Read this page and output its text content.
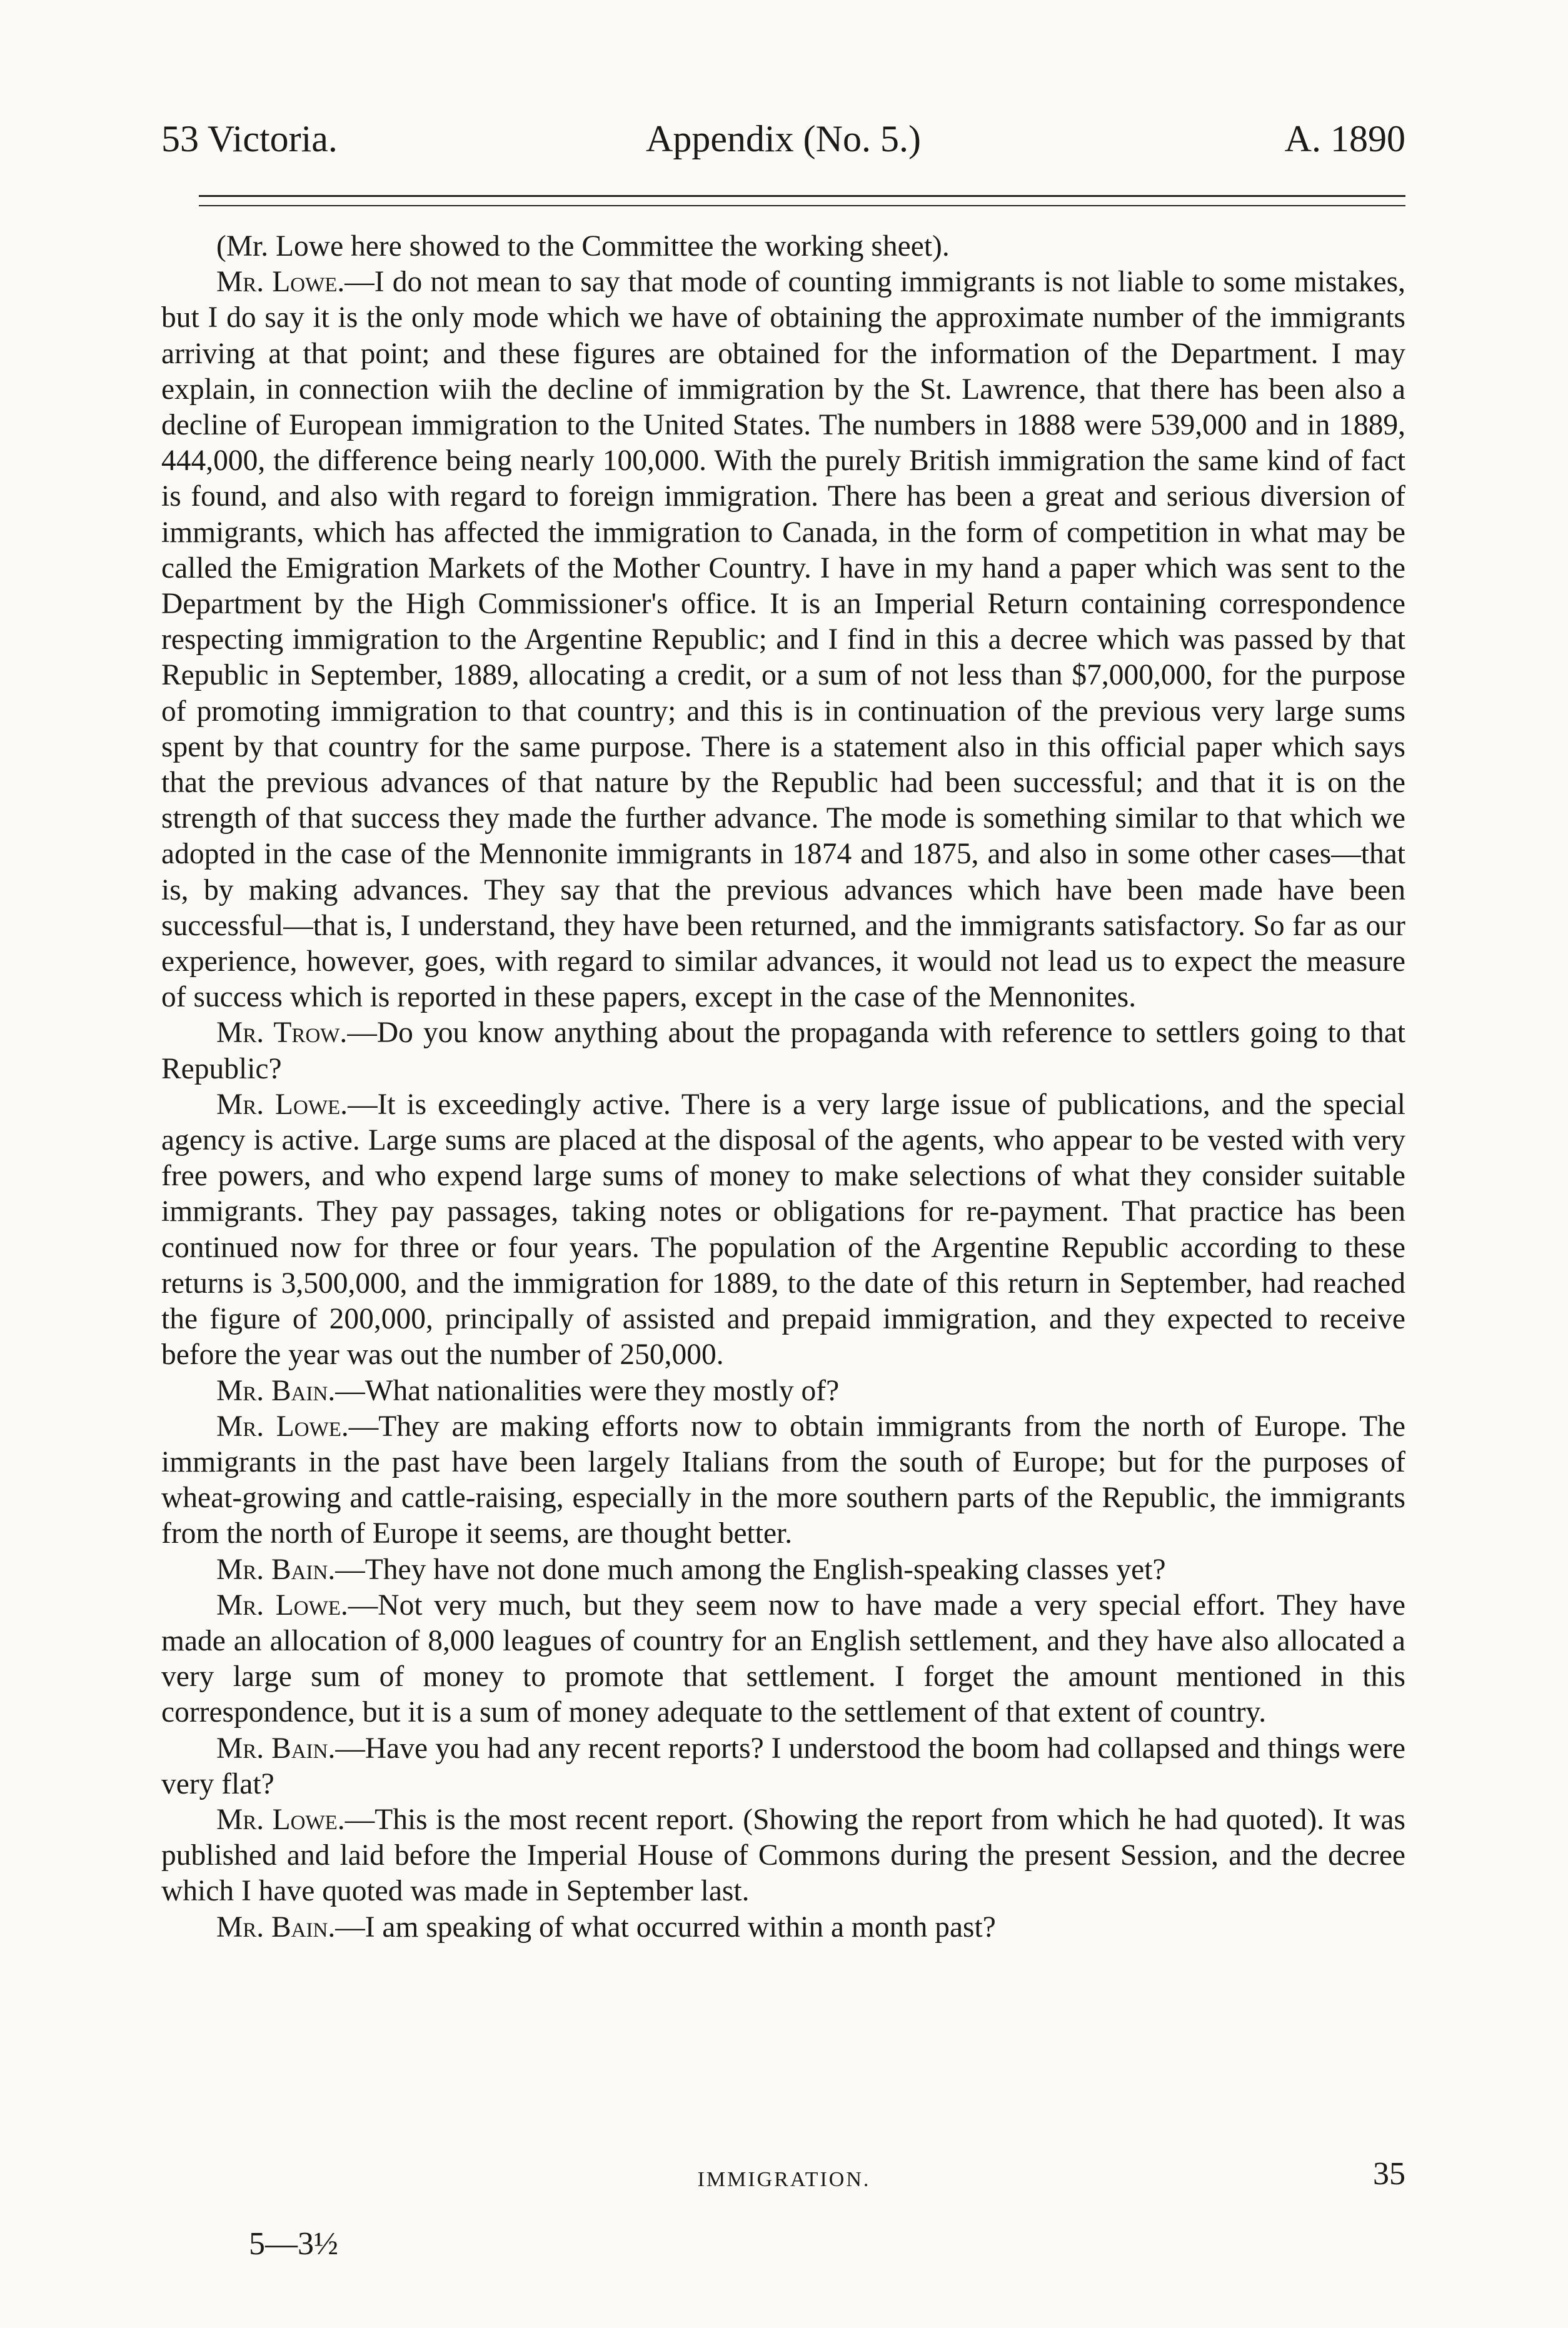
53 Victoria.	Appendix (No. 5.)	A. 1890

(Mr. Lowe here showed to the Committee the working sheet).

Mr. Lowe.—I do not mean to say that mode of counting immigrants is not liable to some mistakes, but I do say it is the only mode which we have of obtaining the approximate number of the immigrants arriving at that point; and these figures are obtained for the information of the Department. I may explain, in connection wiih the decline of immigration by the St. Lawrence, that there has been also a decline of European immigration to the United States. The numbers in 1888 were 539,000 and in 1889, 444,000, the difference being nearly 100,000. With the purely British immigration the same kind of fact is found, and also with regard to foreign immigration. There has been a great and serious diversion of immigrants, which has affected the immigration to Canada, in the form of competition in what may be called the Emigration Markets of the Mother Country. I have in my hand a paper which was sent to the Department by the High Commissioner's office. It is an Imperial Return containing correspondence respecting immigration to the Argentine Republic; and I find in this a decree which was passed by that Republic in September, 1889, allocating a credit, or a sum of not less than $7,000,000, for the purpose of promoting immigration to that country; and this is in continuation of the previous very large sums spent by that country for the same purpose. There is a statement also in this official paper which says that the previous advances of that nature by the Republic had been successful; and that it is on the strength of that success they made the further advance. The mode is something similar to that which we adopted in the case of the Mennonite immigrants in 1874 and 1875, and also in some other cases—that is, by making advances. They say that the previous advances which have been made have been successful—that is, I understand, they have been returned, and the immigrants satisfactory. So far as our experience, however, goes, with regard to similar advances, it would not lead us to expect the measure of success which is reported in these papers, except in the case of the Mennonites.

Mr. Trow.—Do you know anything about the propaganda with reference to settlers going to that Republic?

Mr. Lowe.—It is exceedingly active. There is a very large issue of publications, and the special agency is active. Large sums are placed at the disposal of the agents, who appear to be vested with very free powers, and who expend large sums of money to make selections of what they consider suitable immigrants. They pay passages, taking notes or obligations for re-payment. That practice has been continued now for three or four years. The population of the Argentine Republic according to these returns is 3,500,000, and the immigration for 1889, to the date of this return in September, had reached the figure of 200,000, principally of assisted and prepaid immigration, and they expected to receive before the year was out the number of 250,000.

Mr. Bain.—What nationalities were they mostly of?

Mr. Lowe.—They are making efforts now to obtain immigrants from the north of Europe. The immigrants in the past have been largely Italians from the south of Europe; but for the purposes of wheat-growing and cattle-raising, especially in the more southern parts of the Republic, the immigrants from the north of Europe it seems, are thought better.

Mr. Bain.—They have not done much among the English-speaking classes yet?

Mr. Lowe.—Not very much, but they seem now to have made a very special effort. They have made an allocation of 8,000 leagues of country for an English settlement, and they have also allocated a very large sum of money to promote that settlement. I forget the amount mentioned in this correspondence, but it is a sum of money adequate to the settlement of that extent of country.

Mr. Bain.—Have you had any recent reports? I understood the boom had collapsed and things were very flat?

Mr. Lowe.—This is the most recent report. (Showing the report from which he had quoted). It was published and laid before the Imperial House of Commons during the present Session, and the decree which I have quoted was made in September last.

Mr. Bain.—I am speaking of what occurred within a month past?

IMMIGRATION.	35
5—3½
